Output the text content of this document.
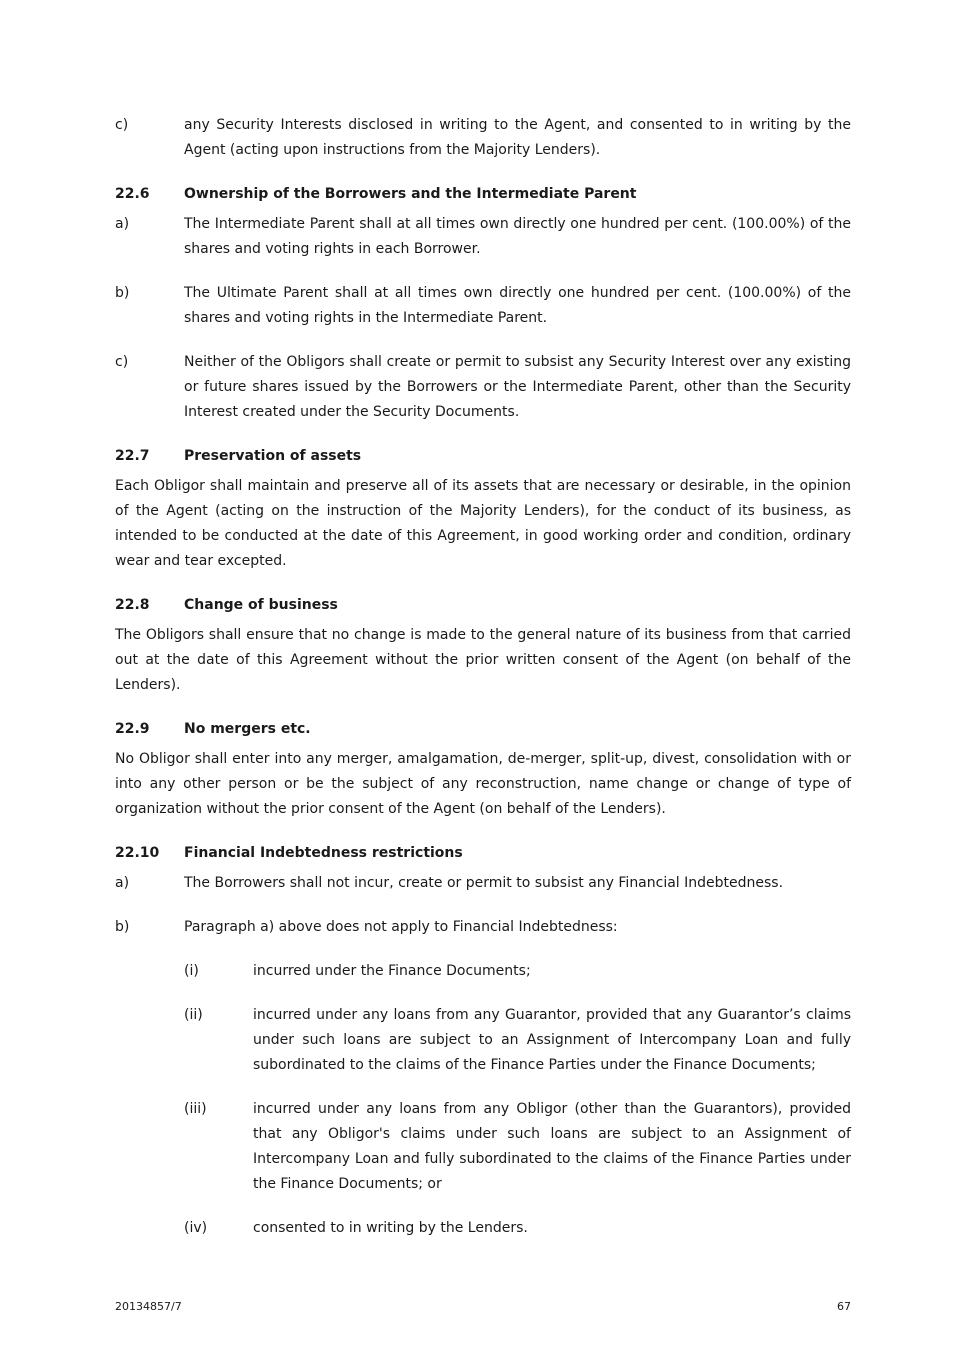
c)	any Security Interests disclosed in writing to the Agent, and consented to in writing by the Agent (acting upon instructions from the Majority Lenders).
22.6	Ownership of the Borrowers and the Intermediate Parent
a)	The Intermediate Parent shall at all times own directly one hundred per cent. (100.00%) of the shares and voting rights in each Borrower.
b)	The Ultimate Parent shall at all times own directly one hundred per cent. (100.00%) of the shares and voting rights in the Intermediate Parent.
c)	Neither of the Obligors shall create or permit to subsist any Security Interest over any existing or future shares issued by the Borrowers or the Intermediate Parent, other than the Security Interest created under the Security Documents.
22.7	Preservation of assets
Each Obligor shall maintain and preserve all of its assets that are necessary or desirable, in the opinion of the Agent (acting on the instruction of the Majority Lenders), for the conduct of its business, as intended to be conducted at the date of this Agreement, in good working order and condition, ordinary wear and tear excepted.
22.8	Change of business
The Obligors shall ensure that no change is made to the general nature of its business from that carried out at the date of this Agreement without the prior written consent of the Agent (on behalf of the Lenders).
22.9	No mergers etc.
No Obligor shall enter into any merger, amalgamation, de-merger, split-up, divest, consolidation with or into any other person or be the subject of any reconstruction, name change or change of type of organization without the prior consent of the Agent (on behalf of the Lenders).
22.10	Financial Indebtedness restrictions
a)	The Borrowers shall not incur, create or permit to subsist any Financial Indebtedness.
b)	Paragraph a) above does not apply to Financial Indebtedness:
(i)	incurred under the Finance Documents;
(ii)	incurred under any loans from any Guarantor, provided that any Guarantor’s claims under such loans are subject to an Assignment of Intercompany Loan and fully subordinated to the claims of the Finance Parties under the Finance Documents;
(iii)	incurred under any loans from any Obligor (other than the Guarantors), provided that any Obligor's claims under such loans are subject to an Assignment of Intercompany Loan and fully subordinated to the claims of the Finance Parties under the Finance Documents; or
(iv)	consented to in writing by the Lenders.
20134857/7	67
